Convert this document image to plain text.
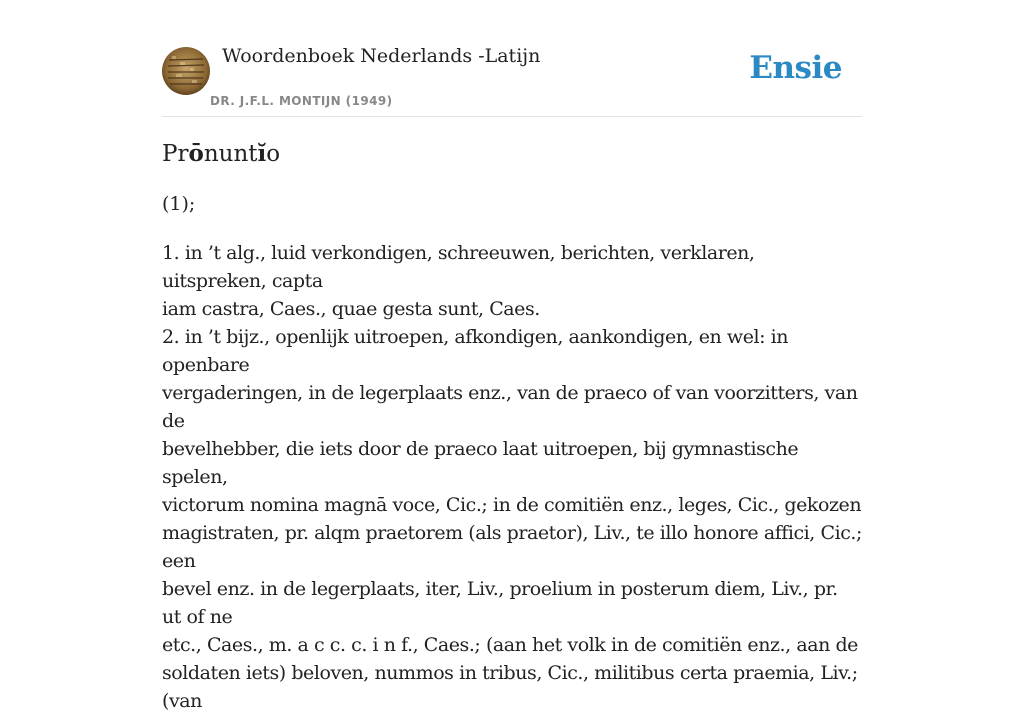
Woordenboek Nederlands -Latijn
DR. J.F.L. MONTIJN (1949)
Ensie
Prōnuntĭo

(1);

1. in ’t alg., luid verkondigen, schreeuwen, berichten, verklaren, uitspreken, capta
iam castra, Caes., quae gesta sunt, Caes.
2. in ’t bijz., openlijk uitroepen, afkondigen, aankondigen, en wel: in openbare
vergaderingen, in de legerplaats enz., van de praeco of van voorzitters, van de
bevelhebber, die iets door de praeco laat uitroepen, bij gymnastische spelen,
victorum nomina magnā voce, Cic.; in de comitiën enz., leges, Cic., gekozen
magistraten, pr. alqm praetorem (als praetor), Liv., te illo honore affici, Cic.; een
bevel enz. in de legerplaats, iter, Liv., proelium in posterum diem, Liv., pr. ut of ne
etc., Caes., m. a c c. c. i n f., Caes.; (aan het volk in de comitiën enz., aan de
soldaten iets) beloven, nummos in tribus, Cic., militibus certa praemia, Liv.; (van
